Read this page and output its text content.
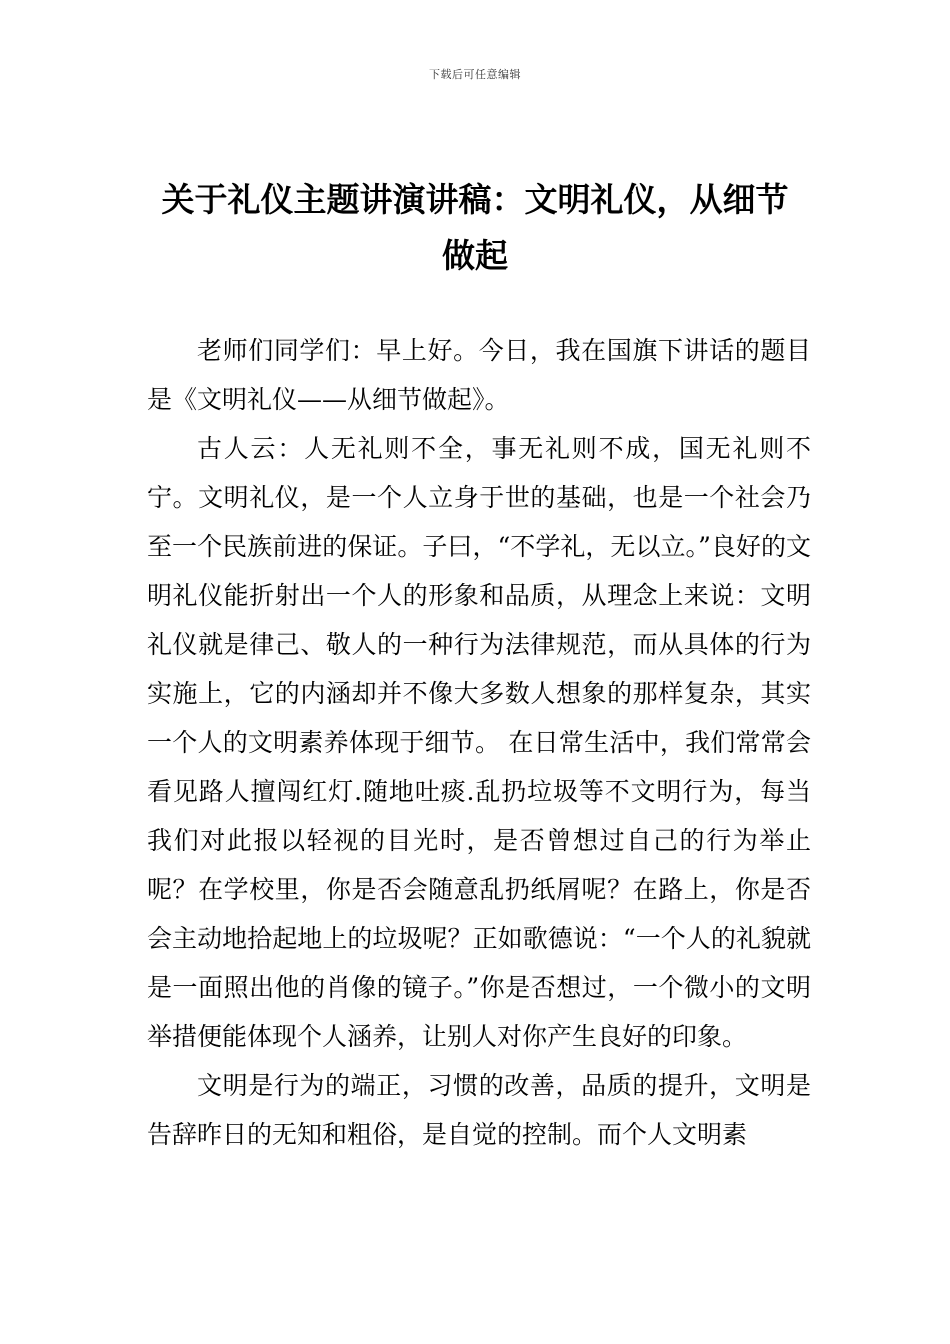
下载后可任意编辑
关于礼仪主题讲演讲稿：文明礼仪，从细节做起

老师们同学们：早上好。今日，我在国旗下讲话的题目是《文明礼仪——从细节做起》。

古人云：人无礼则不全，事无礼则不成，国无礼则不宁。文明礼仪，是一个人立身于世的基础，也是一个社会乃至一个民族前进的保证。子曰，“不学礼，无以立。”良好的文明礼仪能折射出一个人的形象和品质，从理念上来说：文明礼仪就是律己、敬人的一种行为法律规范，而从具体的行为实施上，它的内涵却并不像大多数人想象的那样复杂，其实一个人的文明素养体现于细节。 在日常生活中，我们常常会看见路人擅闯红灯.随地吐痰.乱扔垃圾等不文明行为，每当我们对此报以轻视的目光时，是否曾想过自己的行为举止呢？在学校里，你是否会随意乱扔纸屑呢？在路上，你是否会主动地拾起地上的垃圾呢？正如歌德说：“一个人的礼貌就是一面照出他的肖像的镜子。”你是否想过，一个微小的文明举措便能体现个人涵养，让别人对你产生良好的印象。

文明是行为的端正，习惯的改善，品质的提升，文明是告辞昨日的无知和粗俗，是自觉的控制。而个人文明素
